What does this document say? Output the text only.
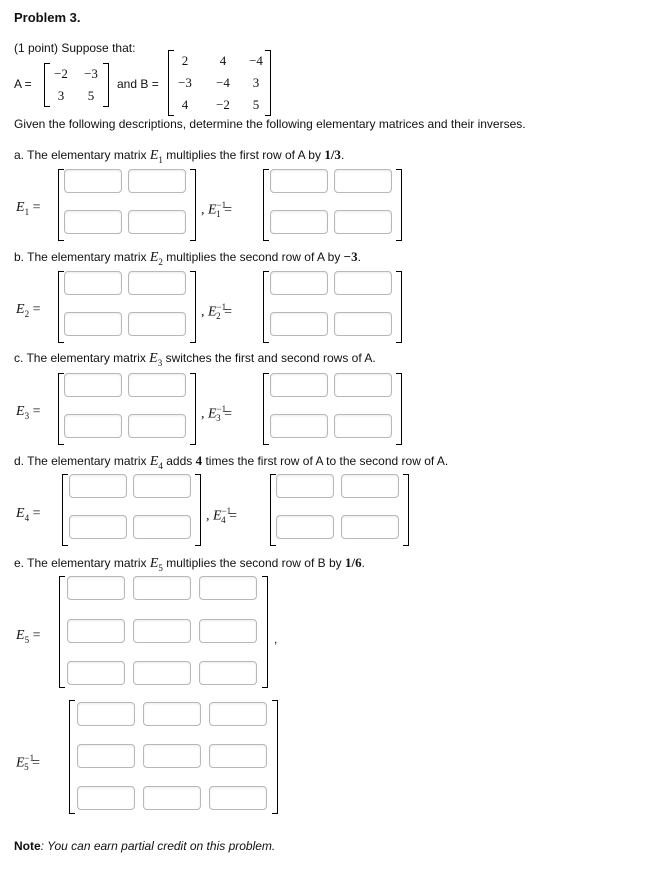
Problem 3.
(1 point) Suppose that:
A =
−2	−3
3	5
and B =
2	4	−4
−3	−4	3
4	−2	5
Given the following descriptions, determine the following elementary matrices and their inverses.
a. The elementary matrix $E_1$ multiplies the first row of A by 1/3.
$E_1$ =	, $E^{-1}_1$ =
b. The elementary matrix $E_2$ multiplies the second row of A by −3.
$E_2$ =	, $E^{-1}_2$ =
c. The elementary matrix $E_3$ switches the first and second rows of A.
$E_3$ =	, $E^{-1}_3$ =
d. The elementary matrix $E_4$ adds 4 times the first row of A to the second row of A.
$E_4$ =	, $E^{-1}_4$ =
e. The elementary matrix $E_5$ multiplies the second row of B by 1/6.
$E_5$ =	,
$E^{-1}_5$ =
Note: You can earn partial credit on this problem.
